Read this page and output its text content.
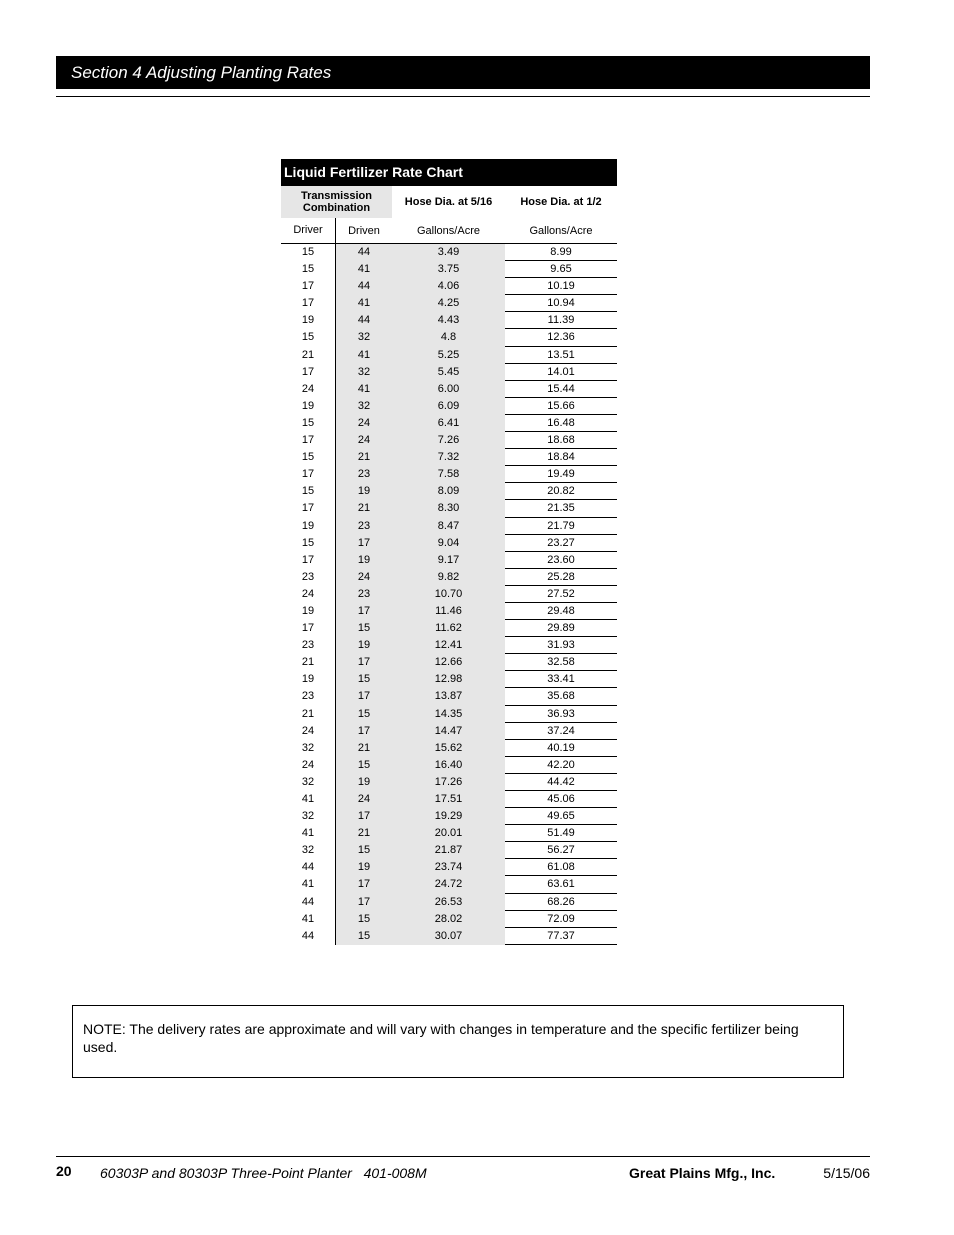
Section 4 Adjusting Planting Rates
Liquid Fertilizer Rate Chart
Transmission Combination	Hose Dia. at 5/16	Hose Dia. at 1/2
Driver	Driven	Gallons/Acre	Gallons/Acre
15	44	3.49	8.99
15	41	3.75	9.65
17	44	4.06	10.19
17	41	4.25	10.94
19	44	4.43	11.39
15	32	4.8	12.36
21	41	5.25	13.51
17	32	5.45	14.01
24	41	6.00	15.44
19	32	6.09	15.66
15	24	6.41	16.48
17	24	7.26	18.68
15	21	7.32	18.84
17	23	7.58	19.49
15	19	8.09	20.82
17	21	8.30	21.35
19	23	8.47	21.79
15	17	9.04	23.27
17	19	9.17	23.60
23	24	9.82	25.28
24	23	10.70	27.52
19	17	11.46	29.48
17	15	11.62	29.89
23	19	12.41	31.93
21	17	12.66	32.58
19	15	12.98	33.41
23	17	13.87	35.68
21	15	14.35	36.93
24	17	14.47	37.24
32	21	15.62	40.19
24	15	16.40	42.20
32	19	17.26	44.42
41	24	17.51	45.06
32	17	19.29	49.65
41	21	20.01	51.49
32	15	21.87	56.27
44	19	23.74	61.08
41	17	24.72	63.61
44	17	26.53	68.26
41	15	28.02	72.09
44	15	30.07	77.37
NOTE: The delivery rates are approximate and will vary with changes in temperature and the specific fertilizer being used.
20 60303P and 80303P Three-Point Planter   401-008M	Great Plains Mfg., Inc.	5/15/06
